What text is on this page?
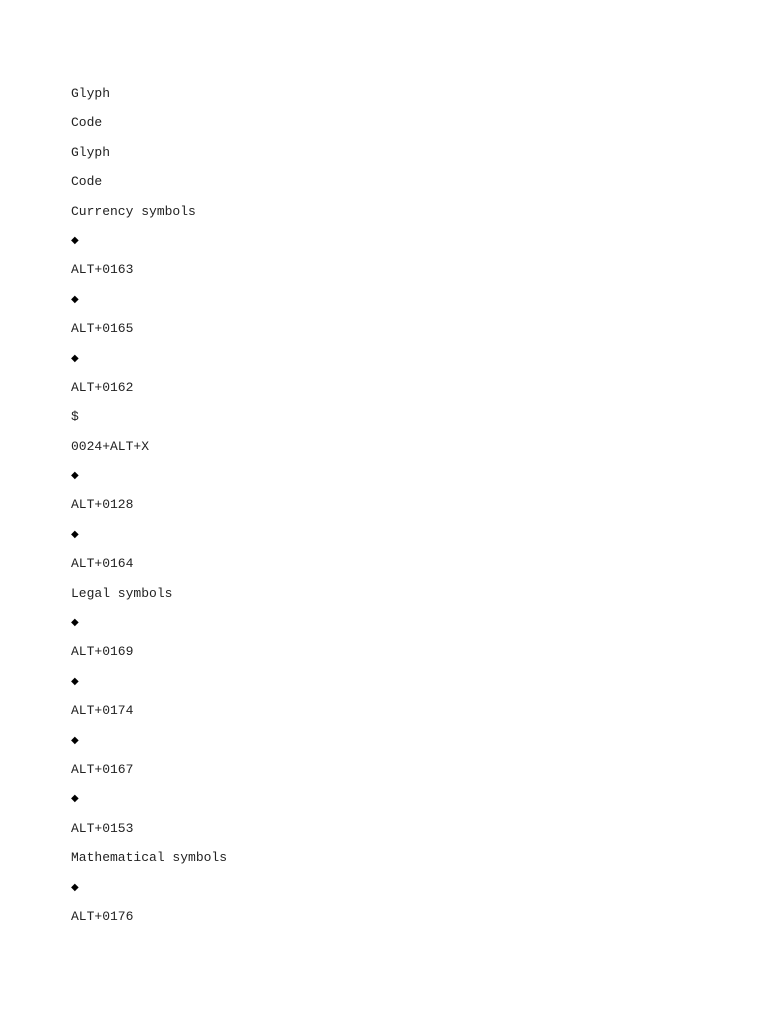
Glyph
Code
Glyph
Code
Currency symbols
◆
ALT+0163
◆
ALT+0165
◆
ALT+0162
$
0024+ALT+X
◆
ALT+0128
◆
ALT+0164
Legal symbols
◆
ALT+0169
◆
ALT+0174
◆
ALT+0167
◆
ALT+0153
Mathematical symbols
◆
ALT+0176
